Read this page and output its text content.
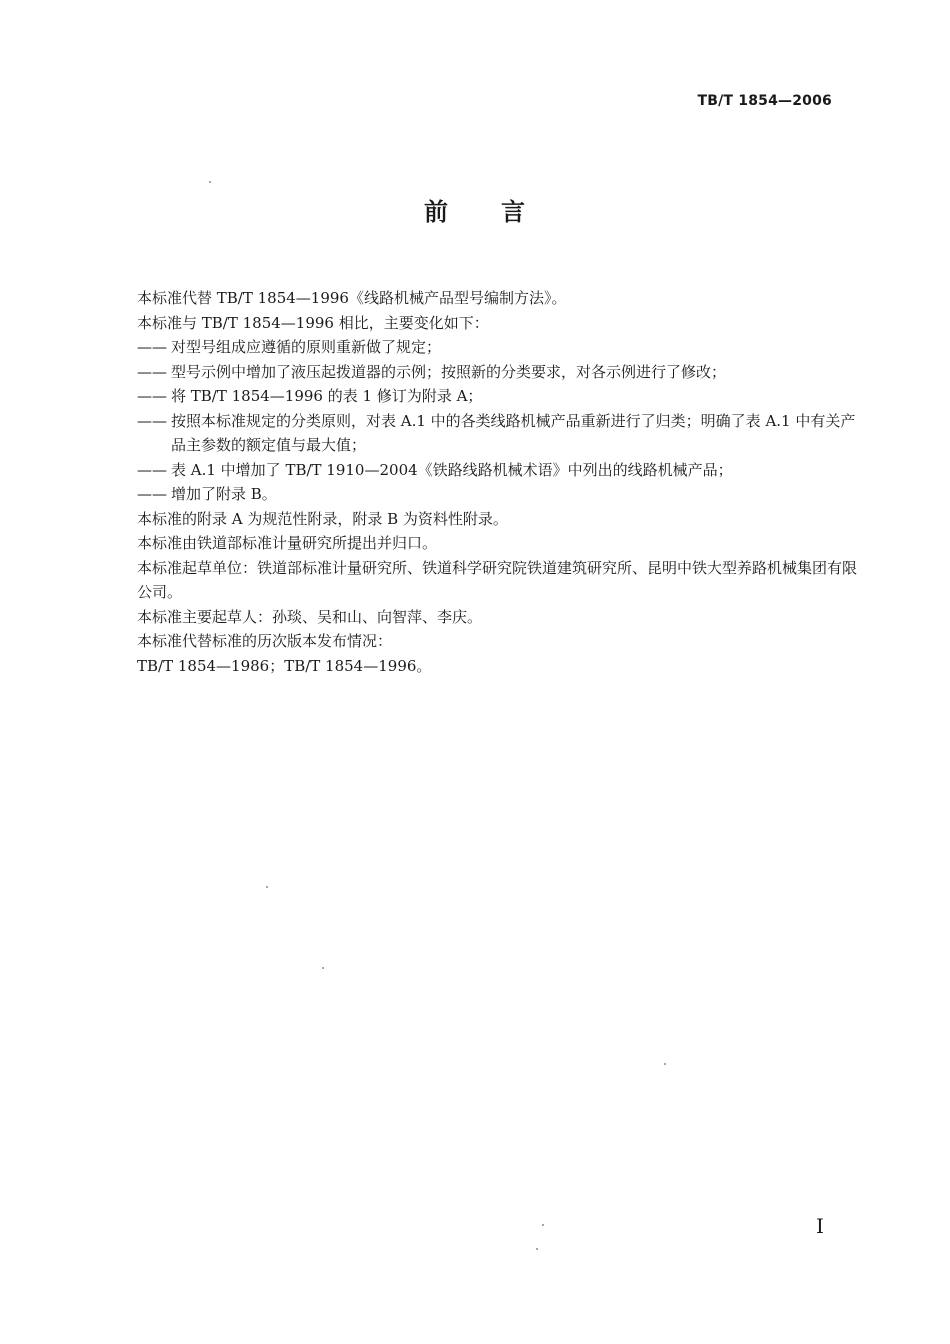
TB/T 1854—2006
前 言

本标准代替 TB/T 1854—1996《线路机械产品型号编制方法》。

本标准与 TB/T 1854—1996 相比，主要变化如下：

—— 对型号组成应遵循的原则重新做了规定；

—— 型号示例中增加了液压起拨道器的示例；按照新的分类要求，对各示例进行了修改；

—— 将 TB/T 1854—1996 的表 1 修订为附录 A；

—— 按照本标准规定的分类原则，对表 A.1 中的各类线路机械产品重新进行了归类；明确了表 A.1 中有关产品主参数的额定值与最大值；

—— 表 A.1 中增加了 TB/T 1910—2004《铁路线路机械术语》中列出的线路机械产品；

—— 增加了附录 B。

本标准的附录 A 为规范性附录，附录 B 为资料性附录。

本标准由铁道部标准计量研究所提出并归口。

本标准起草单位：铁道部标准计量研究所、铁道科学研究院铁道建筑研究所、昆明中铁大型养路机械集团有限公司。

本标准主要起草人：孙琰、吴和山、向智萍、李庆。

本标准代替标准的历次版本发布情况：

TB/T 1854—1986；TB/T 1854—1996。

I
